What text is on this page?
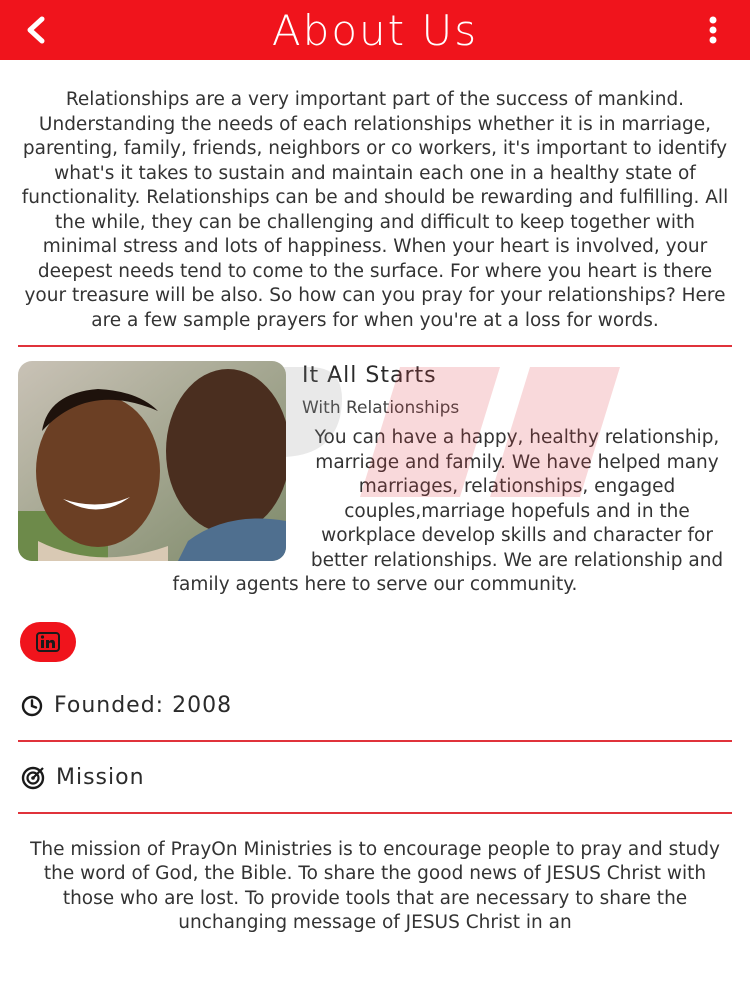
About Us

Relationships are a very important part of the success of mankind. Understanding the needs of each relationships whether it is in marriage, parenting, family, friends, neighbors or co workers, it's important to identify what's it takes to sustain and maintain each one in a healthy state of functionality. Relationships can be and should be rewarding and fulfilling. All the while, they can be challenging and difficult to keep together with minimal stress and lots of happiness. When your heart is involved, your deepest needs tend to come to the surface. For where you heart is there your treasure will be also. So how can you pray for your relationships? Here are a few sample prayers for when you're at a loss for words.

It All Starts
With Relationships

You can have a happy, healthy relationship, marriage and family. We have helped many marriages, relationships, engaged couples,marriage hopefuls and in the workplace develop skills and character for better relationships. We are relationship and family agents here to serve our community.

Founded: 2008
Mission

The mission of PrayOn Ministries is to encourage people to pray and study the word of God, the Bible. To share the good news of JESUS Christ with those who are lost. To provide tools that are necessary to share the unchanging message of JESUS Christ in an
